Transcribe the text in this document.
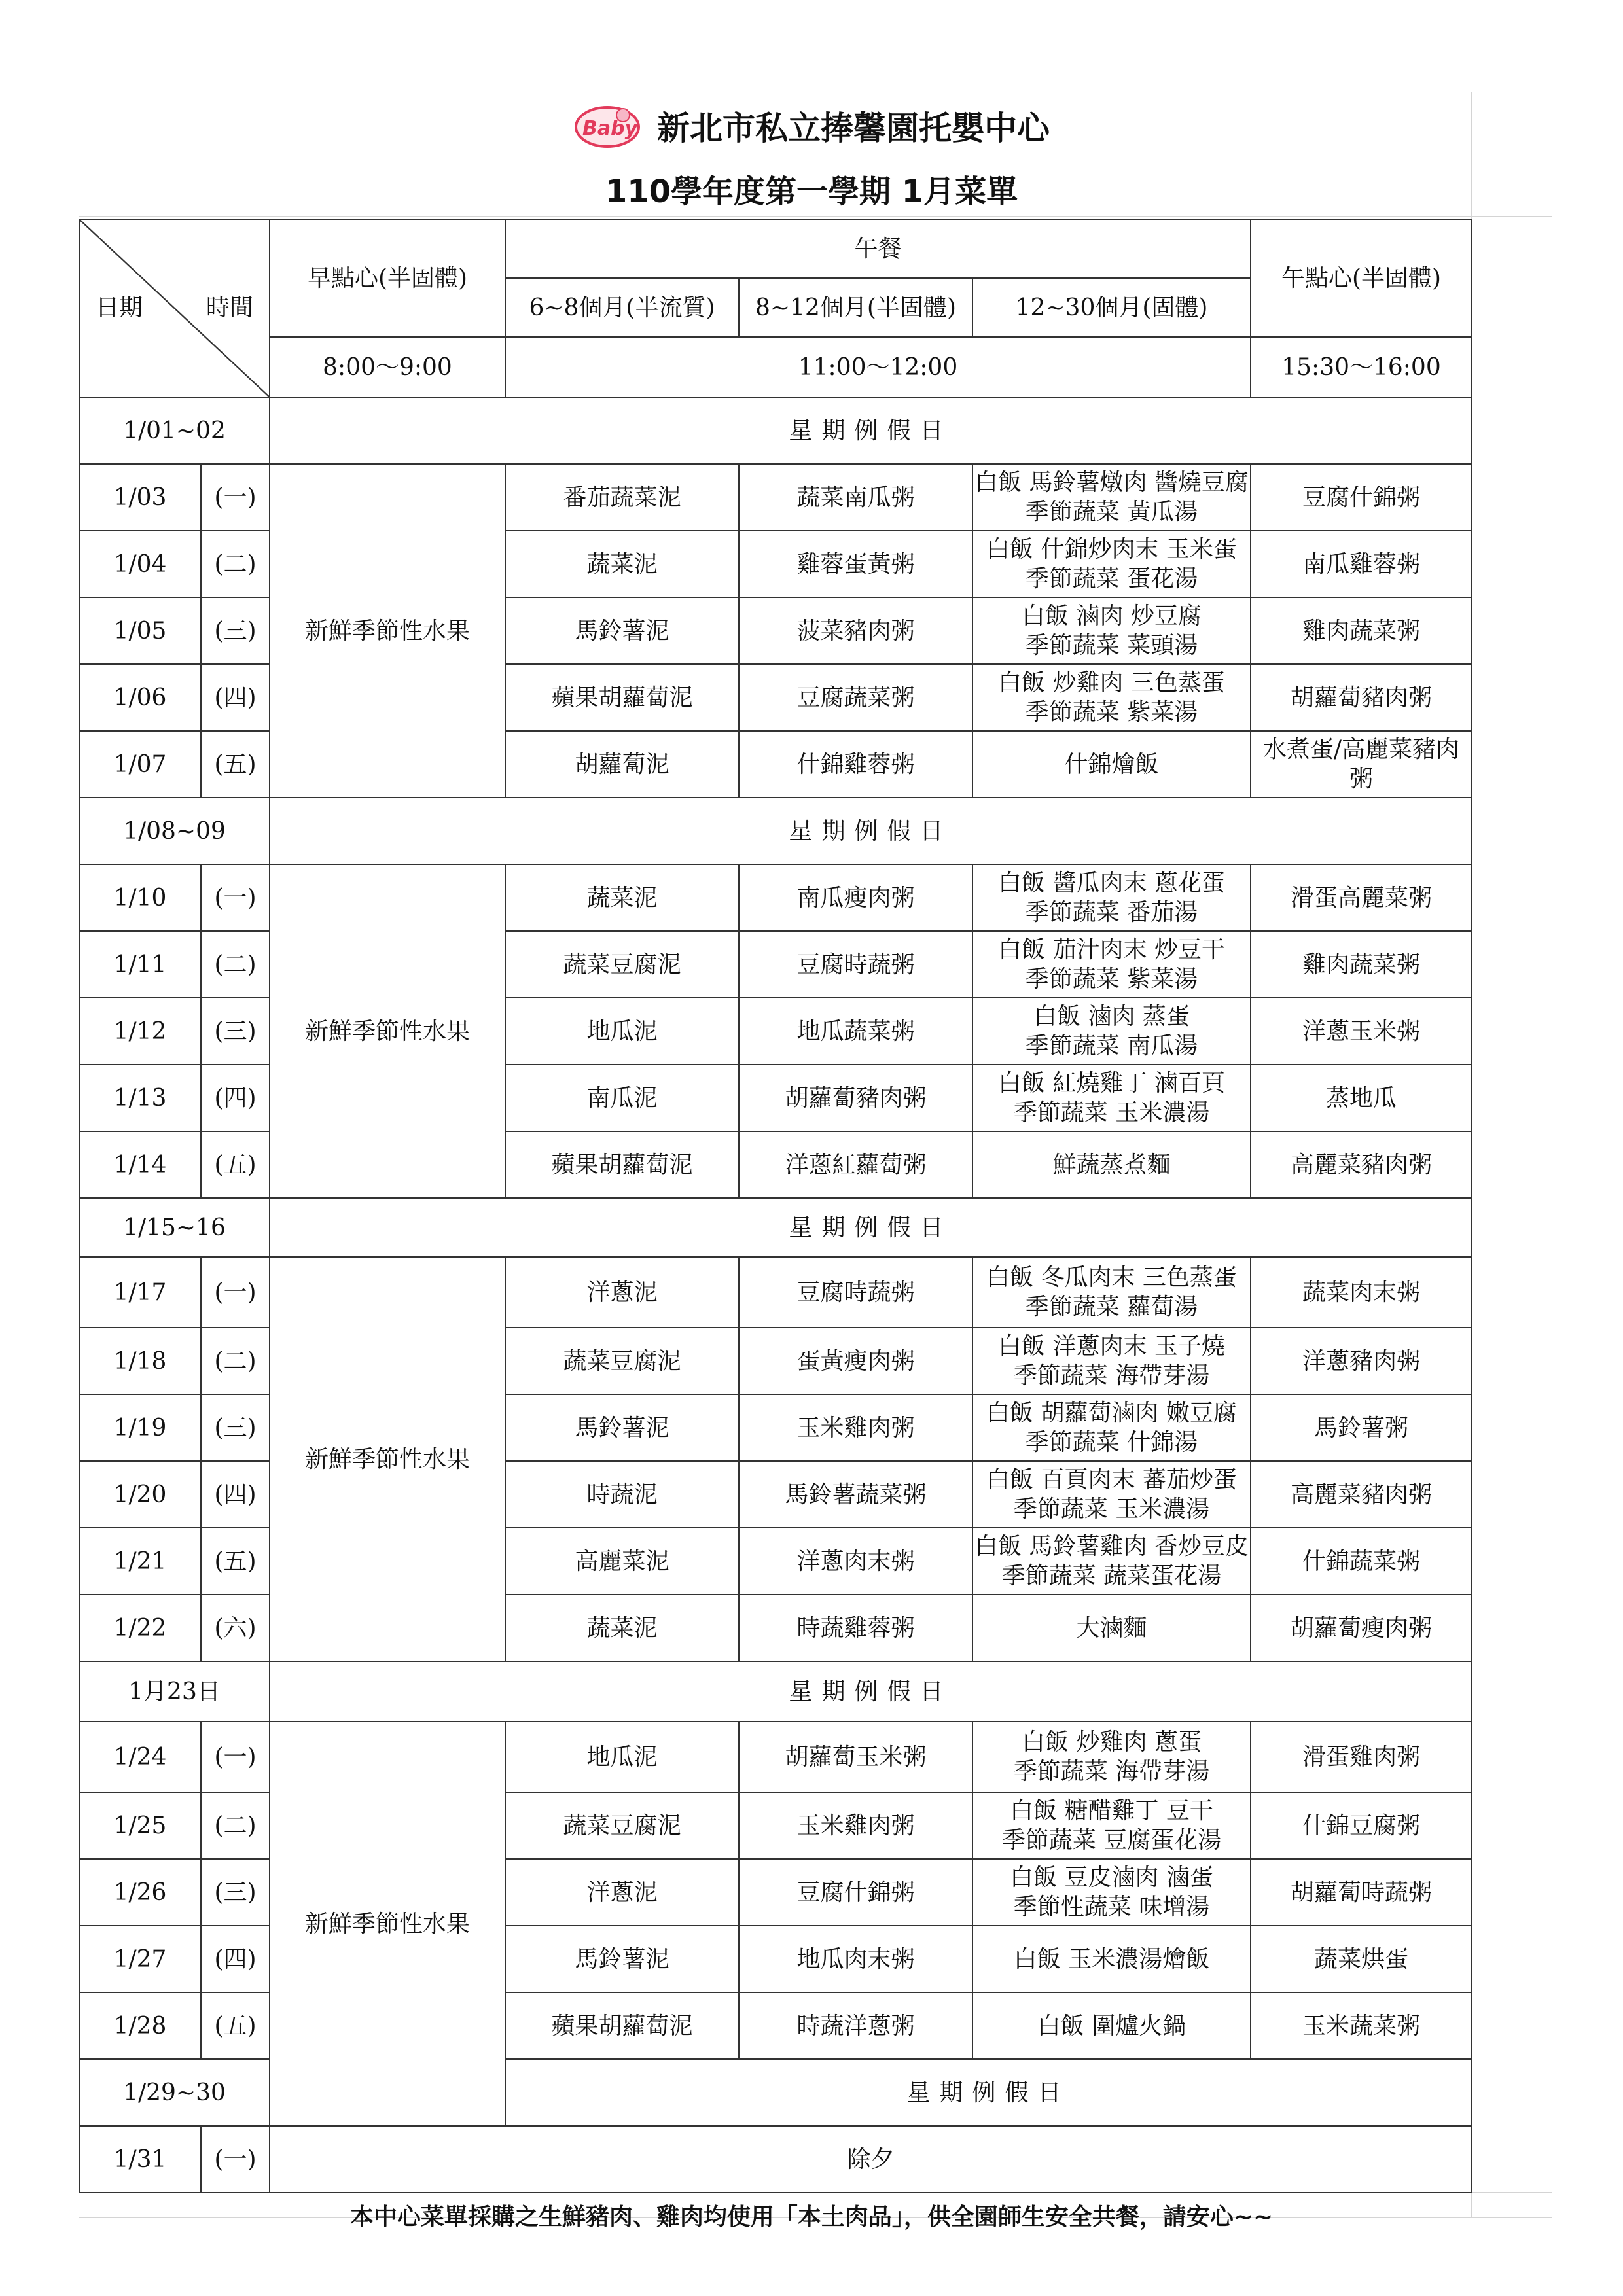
Baby 新北市私立捧馨園托嬰中心
110學年度第一學期 1月菜單
日期 時間		早點心(半固體)	午餐			午點心(半固體)
			6~8個月(半流質)	8~12個月(半固體)	12~30個月(固體)	
		8:00～9:00	11:00～12:00			15:30～16:00
1/01~02		星期例假日				
1/03	(一)	新鮮季節性水果	番茄蔬菜泥	蔬菜南瓜粥	白飯 馬鈴薯燉肉 醬燒豆腐
季節蔬菜 黃瓜湯	豆腐什錦粥
1/04	(二)		蔬菜泥	雞蓉蛋黃粥	白飯 什錦炒肉末 玉米蛋
季節蔬菜 蛋花湯	南瓜雞蓉粥
1/05	(三)		馬鈴薯泥	菠菜豬肉粥	白飯 滷肉 炒豆腐
季節蔬菜 菜頭湯	雞肉蔬菜粥
1/06	(四)		蘋果胡蘿蔔泥	豆腐蔬菜粥	白飯 炒雞肉 三色蒸蛋
季節蔬菜 紫菜湯	胡蘿蔔豬肉粥
1/07	(五)		胡蘿蔔泥	什錦雞蓉粥	什錦燴飯	水煮蛋/高麗菜豬肉粥
1/08~09		星期例假日				
1/10	(一)	新鮮季節性水果	蔬菜泥	南瓜瘦肉粥	白飯 醬瓜肉末 蔥花蛋
季節蔬菜 番茄湯	滑蛋高麗菜粥
1/11	(二)		蔬菜豆腐泥	豆腐時蔬粥	白飯 茄汁肉末 炒豆干
季節蔬菜 紫菜湯	雞肉蔬菜粥
1/12	(三)		地瓜泥	地瓜蔬菜粥	白飯 滷肉 蒸蛋
季節蔬菜 南瓜湯	洋蔥玉米粥
1/13	(四)		南瓜泥	胡蘿蔔豬肉粥	白飯 紅燒雞丁 滷百頁
季節蔬菜 玉米濃湯	蒸地瓜
1/14	(五)		蘋果胡蘿蔔泥	洋蔥紅蘿蔔粥	鮮蔬蒸煮麵	高麗菜豬肉粥
1/15~16		星期例假日				
1/17	(一)	新鮮季節性水果	洋蔥泥	豆腐時蔬粥	白飯 冬瓜肉末 三色蒸蛋
季節蔬菜 蘿蔔湯	蔬菜肉末粥
1/18	(二)		蔬菜豆腐泥	蛋黃瘦肉粥	白飯 洋蔥肉末 玉子燒
季節蔬菜 海帶芽湯	洋蔥豬肉粥
1/19	(三)		馬鈴薯泥	玉米雞肉粥	白飯 胡蘿蔔滷肉 嫩豆腐
季節蔬菜 什錦湯	馬鈴薯粥
1/20	(四)		時蔬泥	馬鈴薯蔬菜粥	白飯 百頁肉末 蕃茄炒蛋
季節蔬菜 玉米濃湯	高麗菜豬肉粥
1/21	(五)		高麗菜泥	洋蔥肉末粥	白飯 馬鈴薯雞肉 香炒豆皮
季節蔬菜 蔬菜蛋花湯	什錦蔬菜粥
1/22	(六)		蔬菜泥	時蔬雞蓉粥	大滷麵	胡蘿蔔瘦肉粥
1月23日		星期例假日				
1/24	(一)	新鮮季節性水果	地瓜泥	胡蘿蔔玉米粥	白飯 炒雞肉 蔥蛋
季節蔬菜 海帶芽湯	滑蛋雞肉粥
1/25	(二)		蔬菜豆腐泥	玉米雞肉粥	白飯 糖醋雞丁 豆干
季節蔬菜 豆腐蛋花湯	什錦豆腐粥
1/26	(三)		洋蔥泥	豆腐什錦粥	白飯 豆皮滷肉 滷蛋
季節性蔬菜 味增湯	胡蘿蔔時蔬粥
1/27	(四)		馬鈴薯泥	地瓜肉末粥	白飯 玉米濃湯燴飯	蔬菜烘蛋
1/28	(五)		蘋果胡蘿蔔泥	時蔬洋蔥粥	白飯 圍爐火鍋	玉米蔬菜粥
1/29~30			星期例假日			
1/31	(一)	除夕				
本中心菜單採購之生鮮豬肉、雞肉均使用「本土肉品」，供全園師生安全共餐，請安心~~
